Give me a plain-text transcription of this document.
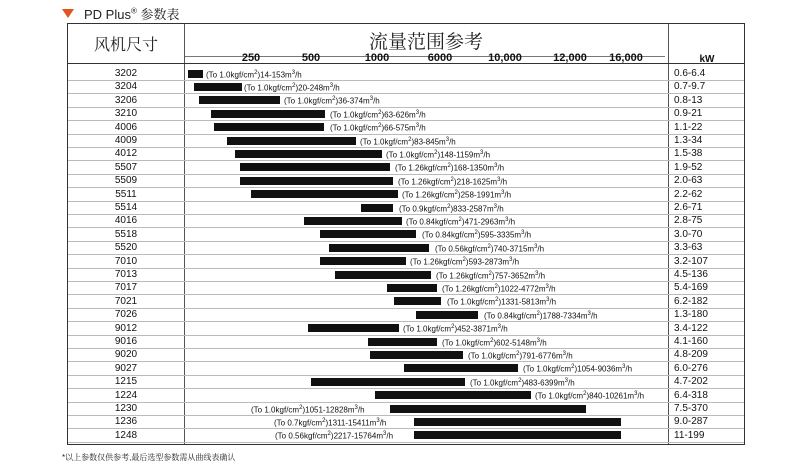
PD Plus® 参数表
风机尺寸	流量范围参考
kW
250	500	1000	6000	10,000	12,000 16,000
3202	(To $1.0kgf/cm^2)14-153m^3/h$	0.6-6.4
3204	(To $1.0kgf/cm^2)20-248m^3/h$	0.7-9.7
3206	(To $1.0kgf/cm^2)36-374m^3/h$	0.8-13
3210	(To $1.0kgf/cm^2)63-626m^3/h$	0.9-21
4006	(To $1.0kgf/cm^2)66-575m^3/h$	1.1-22
4009	(To $1.0kgf/cm^2)83-845m^3/h$	1.3-34
4012	(To $1.0kgf/cm^2)148-1159m^3/h$	1.5-38
5507	(To $1.26kgf/cm^2)168-1350m^3/h$	1.9-52
5509	(To $1.26kgf/cm^2)218-1625m^3/h$	2.0-63
5511	(To $1.26kgf/cm^2)258-1991m^3/h$	2.2-62
5514	(To $0.9kgf/cm^2)833-2587m^3/h$	2.6-71
4016	(To $0.84kgf/cm^2)471-2963m^3/h$	2.8-75
5518	(To $0.84kgf/cm^2)595-3335m^3/h$	3.0-70
5520	(To $0.56kgf/cm^2)740-3715m^3/h$	3.3-63
7010	(To $1.26kgf/cm^2)593-2873m^3/h$	3.2-107
7013	(To $1.26kgf/cm^2)757-3652m^3/h$	4.5-136
7017	(To $1.26kgf/cm^2)1022-4772m^3/h$	5.4-169
7021	(To $1.0kgf/cm^2)1331-5813m^3/h$	6.2-182
7026	(To $0.84kgf/cm^2)1788-7334m^3/h$	1.3-180
9012	(To $1.0kgf/cm^2)452-3871m^3/h$	3.4-122
9016	(To $1.0kgf/cm^2)602-5148m^3/h$	4.1-160
9020	(To $1.0kgf/cm^2)791-6776m^3/h$	4.8-209
9027	(To $1.0kgf/cm^2)1054-9036m^3/h$	6.0-276
1215	(To $1.0kgf/cm^2)483-6399m^3/h$	4.7-202
1224	(To $1.0kgf/cm^2)840-10261m^3/h$	6.4-318
1230	(To $1.0kgf/cm^2)1051-12828m^3/h$	7.5-370
1236	(To $0.7kgf/cm^2)1311-15411m^3/h$	9.0-287
1248	(To $0.56kgf/cm^2)2217-15764m^3/h$	11-199
*以上参数仅供参考,最后选型参数需从曲线表确认
